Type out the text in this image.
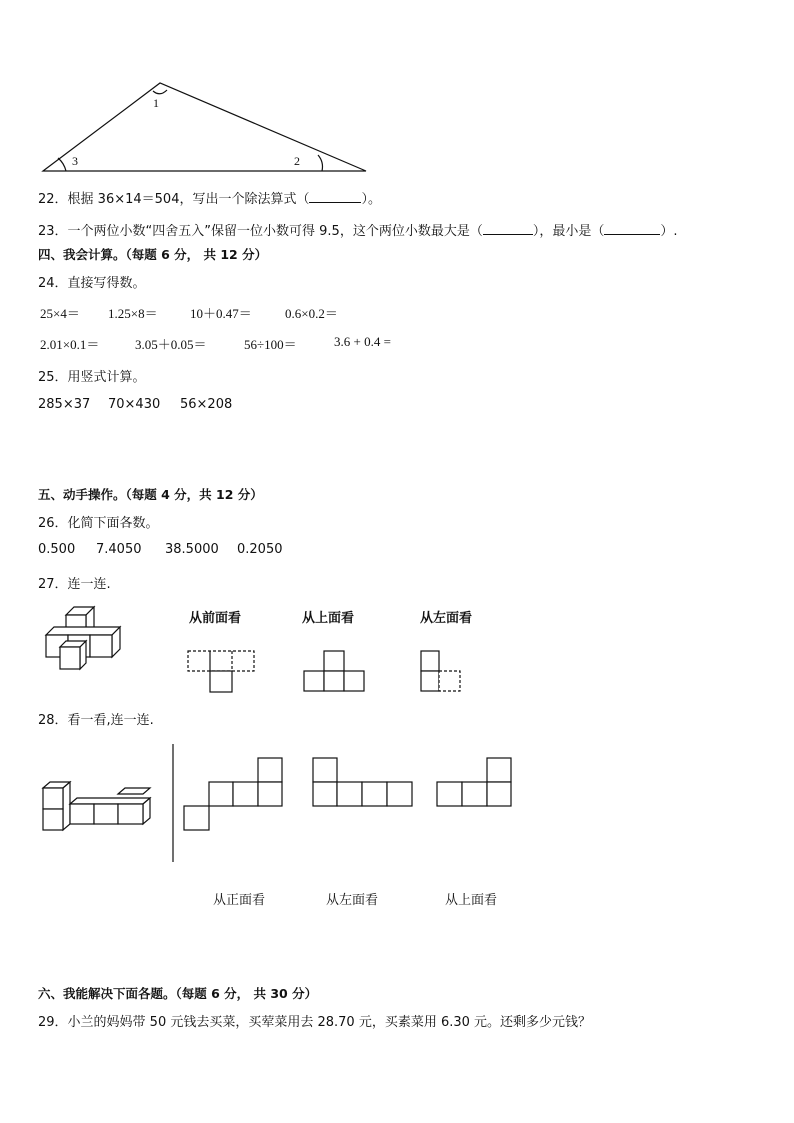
1
2
3
22．根据 36×14＝504，写出一个除法算式（	）。
23．一个两位小数“四舍五入”保留一位小数可得 9.5，这个两位小数最大是（	），最小是（	）.
四、我会计算。（每题 6 分， 共 12 分）
24．直接写得数。
25×4＝ 1.25×8＝ 10＋0.47＝	0.6×0.2＝
2.01×0.1＝	3.05＋0.05＝	56÷100＝	3.6 + 0.4 =
25．用竖式计算。
285×37 70×430 56×208
五、动手操作。（每题 4 分，共 12 分）
26．化简下面各数。
0.500 7.4050 38.5000 0.2050
27．连一连.
从前面看	从上面看	从左面看
28．看一看,连一连.
从正面看	从左面看	从上面看
六、我能解决下面各题。（每题 6 分， 共 30 分）
29．小兰的妈妈带 50 元钱去买菜，买荤菜用去 28.70 元，买素菜用 6.30 元。还剩多少元钱？
